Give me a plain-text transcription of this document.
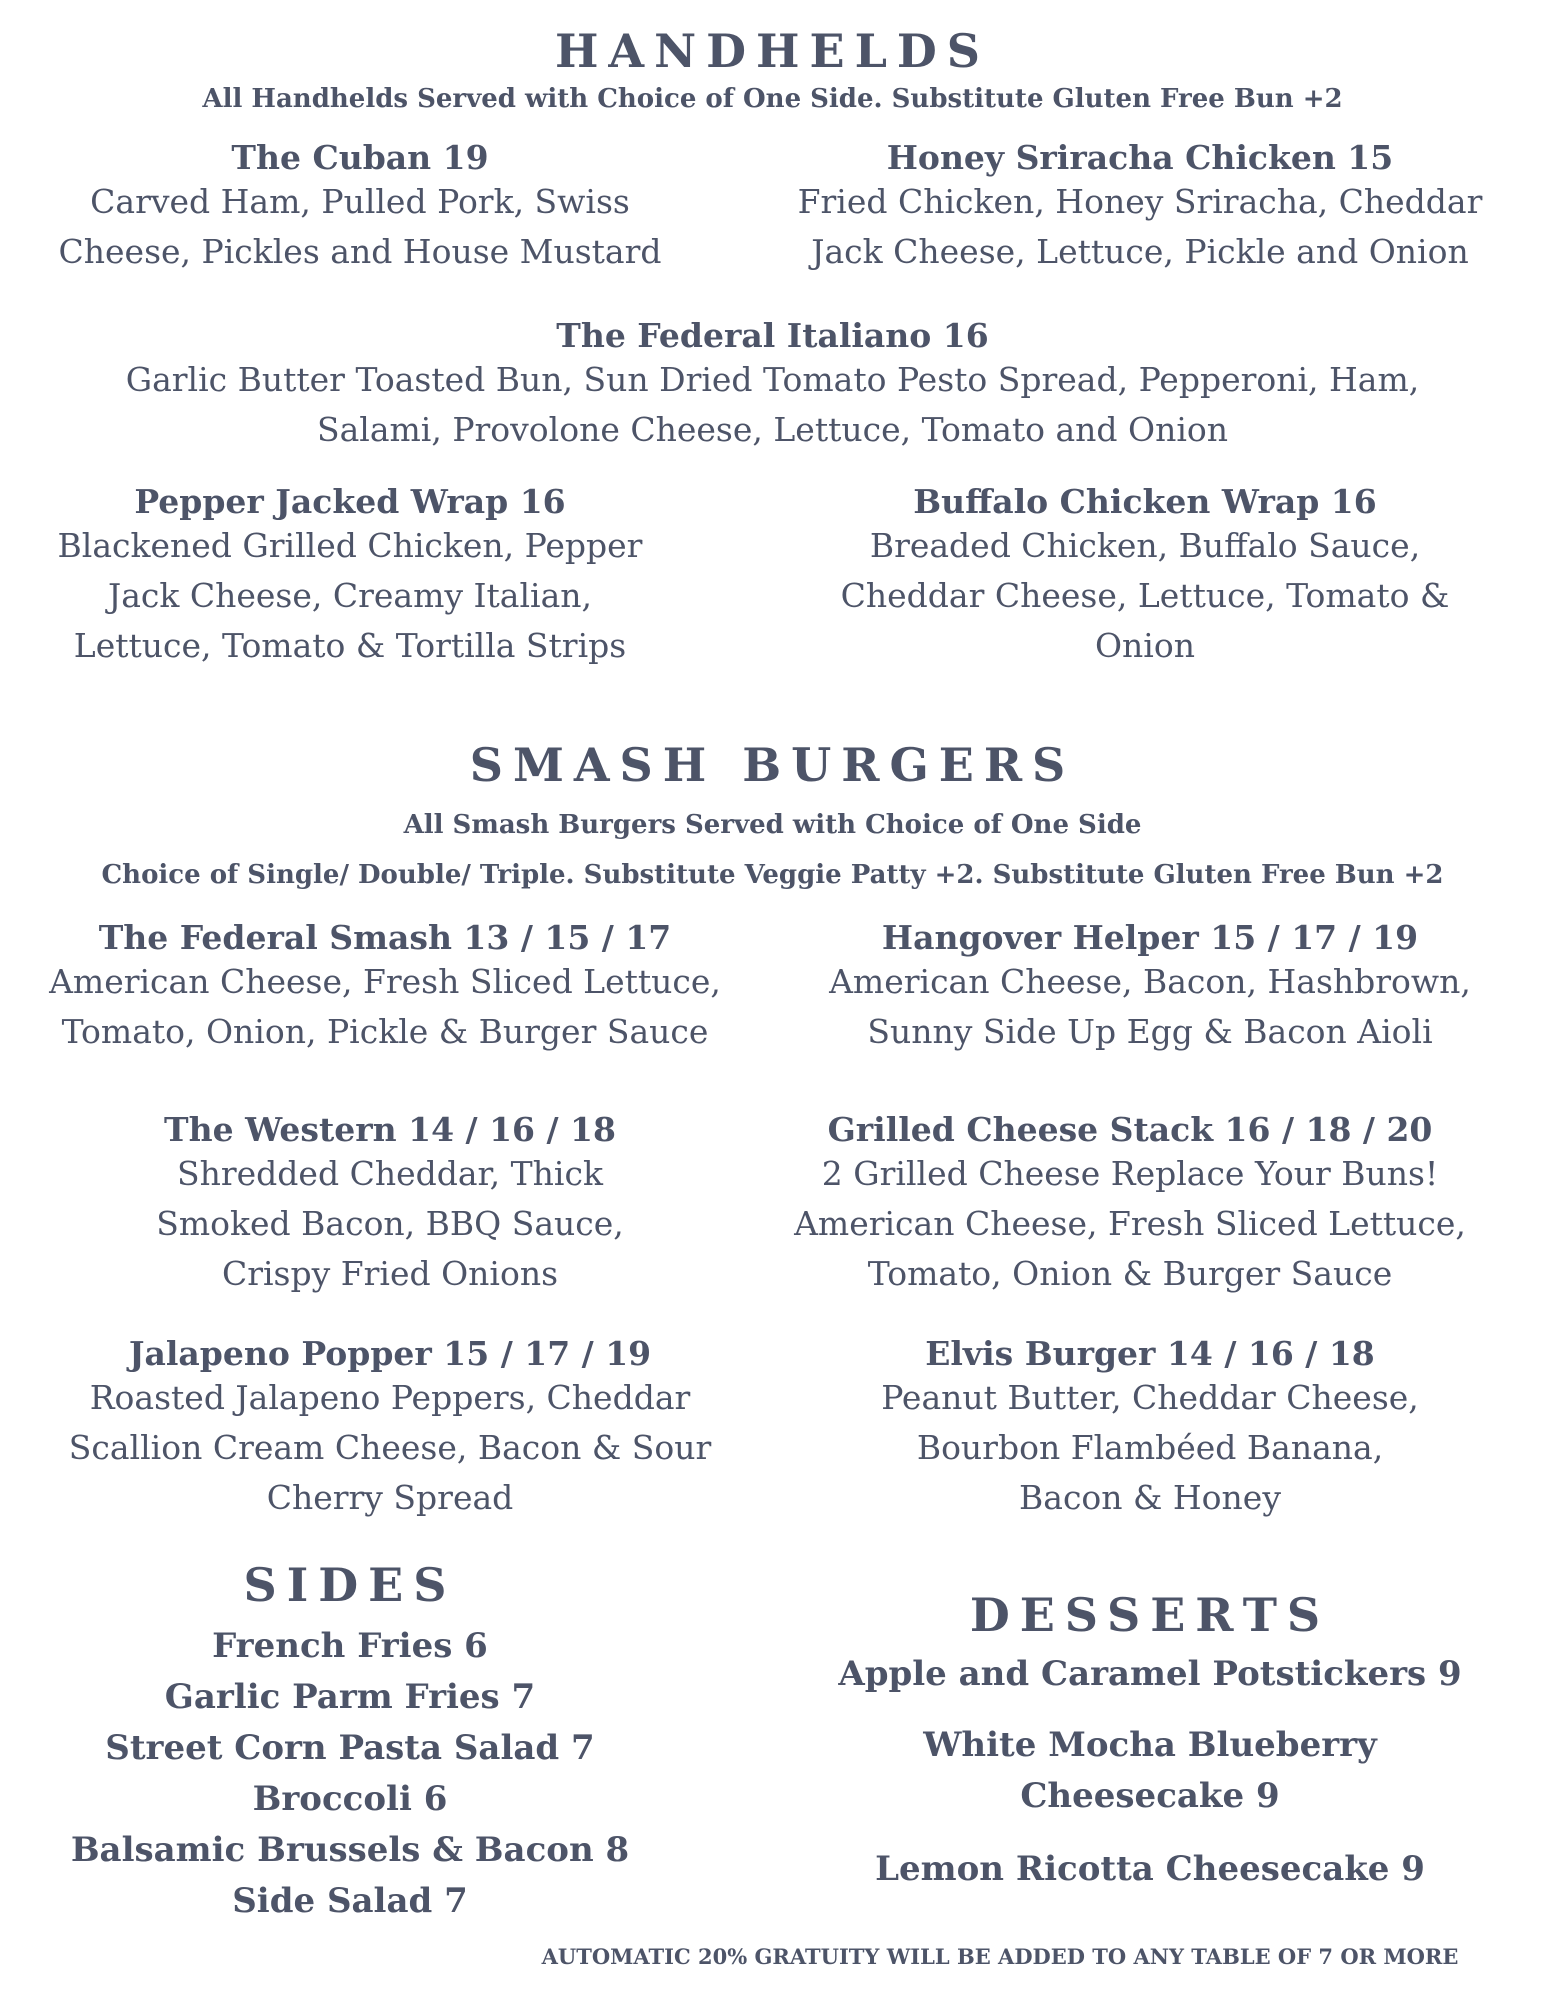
HANDHELDS
All Handhelds Served with Choice of One Side. Substitute Gluten Free Bun +2
The Cuban 19
Carved Ham, Pulled Pork, Swiss
Cheese, Pickles and House Mustard
Honey Sriracha Chicken 15
Fried Chicken, Honey Sriracha, Cheddar
Jack Cheese, Lettuce, Pickle and Onion
The Federal Italiano 16
Garlic Butter Toasted Bun, Sun Dried Tomato Pesto Spread, Pepperoni, Ham,
Salami, Provolone Cheese, Lettuce, Tomato and Onion
Pepper Jacked Wrap 16
Blackened Grilled Chicken, Pepper
Jack Cheese, Creamy Italian,
Lettuce, Tomato & Tortilla Strips
Buffalo Chicken Wrap 16
Breaded Chicken, Buffalo Sauce,
Cheddar Cheese, Lettuce, Tomato &
Onion
SMASH BURGERS
All Smash Burgers Served with Choice of One Side
Choice of Single/ Double/ Triple. Substitute Veggie Patty +2. Substitute Gluten Free Bun +2
The Federal Smash 13 / 15 / 17
American Cheese, Fresh Sliced Lettuce,
Tomato, Onion, Pickle & Burger Sauce
Hangover Helper 15 / 17 / 19
American Cheese, Bacon, Hashbrown,
Sunny Side Up Egg & Bacon Aioli
The Western 14 / 16 / 18
Shredded Cheddar, Thick
Smoked Bacon, BBQ Sauce,
Crispy Fried Onions
Grilled Cheese Stack 16 / 18 / 20
2 Grilled Cheese Replace Your Buns!
American Cheese, Fresh Sliced Lettuce,
Tomato, Onion & Burger Sauce
Jalapeno Popper 15 / 17 / 19
Roasted Jalapeno Peppers, Cheddar
Scallion Cream Cheese, Bacon & Sour
Cherry Spread
Elvis Burger 14 / 16 / 18
Peanut Butter, Cheddar Cheese,
Bourbon Flambéed Banana,
Bacon & Honey
SIDES
French Fries 6
Garlic Parm Fries 7
Street Corn Pasta Salad 7
Broccoli 6
Balsamic Brussels & Bacon 8
Side Salad 7
DESSERTS
Apple and Caramel Potstickers 9
White Mocha Blueberry
Cheesecake 9
Lemon Ricotta Cheesecake 9
AUTOMATIC 20% GRATUITY WILL BE ADDED TO ANY TABLE OF 7 OR MORE
